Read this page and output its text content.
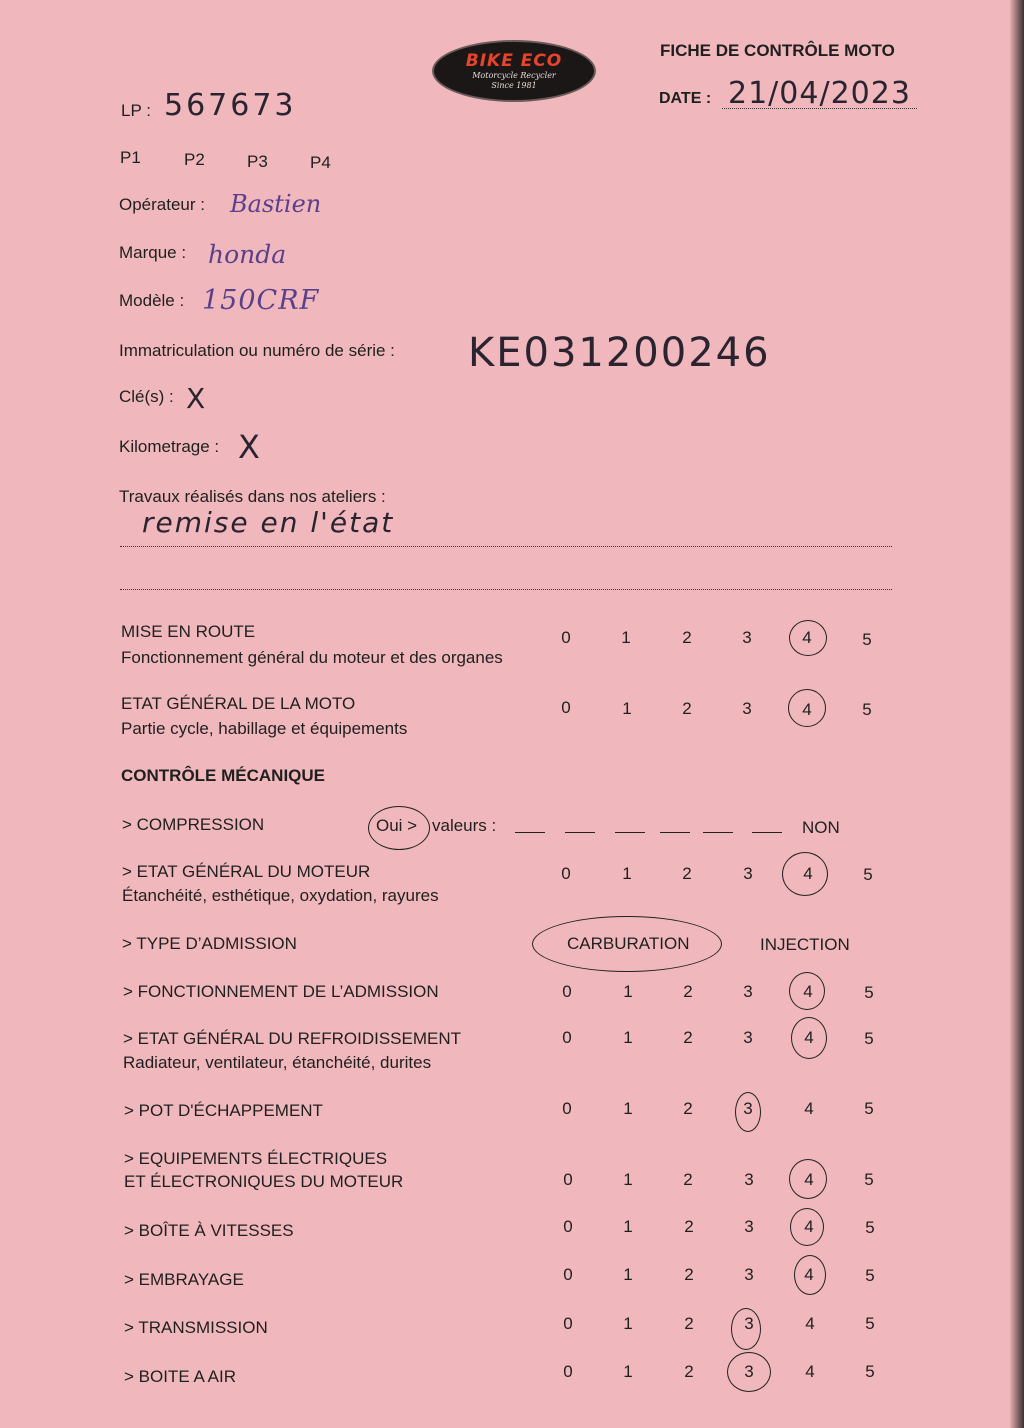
BIKE ECO
Motorcycle Recycler
Since 1981
FICHE DE CONTRÔLE MOTO
DATE : 21/04/2023
LP : 567673
P1	P2 P3 P4
Opérateur : Bastien
Marque : honda
Modèle : 150CRF
Immatriculation ou numéro de série : KE031200246
Clé(s) : X
Kilometrage : X
Travaux réalisés dans nos ateliers :
remise en l'état
MISE EN ROUTE
Fonctionnement général du moteur et des organes
0	1	2	3	4	5
ETAT GÉNÉRAL DE LA MOTO
Partie cycle, habillage et équipements
0	1	2	3	4	5
CONTRÔLE MÉCANIQUE
> COMPRESSION	Oui > valeurs :	NON
> ETAT GÉNÉRAL DU MOTEUR
Étanchéité, esthétique, oxydation, rayures
0	1	2	3	4	5
> TYPE D’ADMISSION	CARBURATION	INJECTION
> FONCTIONNEMENT DE L’ADMISSION	0	1	2	3	4	5
> ETAT GÉNÉRAL DU REFROIDISSEMENT
Radiateur, ventilateur, étanchéité, durites
0	1	2	3	4	5
> POT D'ÉCHAPPEMENT	0	1	2	3	4	5
> EQUIPEMENTS ÉLECTRIQUES
ET ÉLECTRONIQUES DU MOTEUR	0	1	2	3	4	5
> BOÎTE À VITESSES	0	1	2	3	4	5
> EMBRAYAGE	0	1	2	3	4	5
> TRANSMISSION	0	1	2	3	4	5
> BOITE A AIR	0	1	2	3	4	5
